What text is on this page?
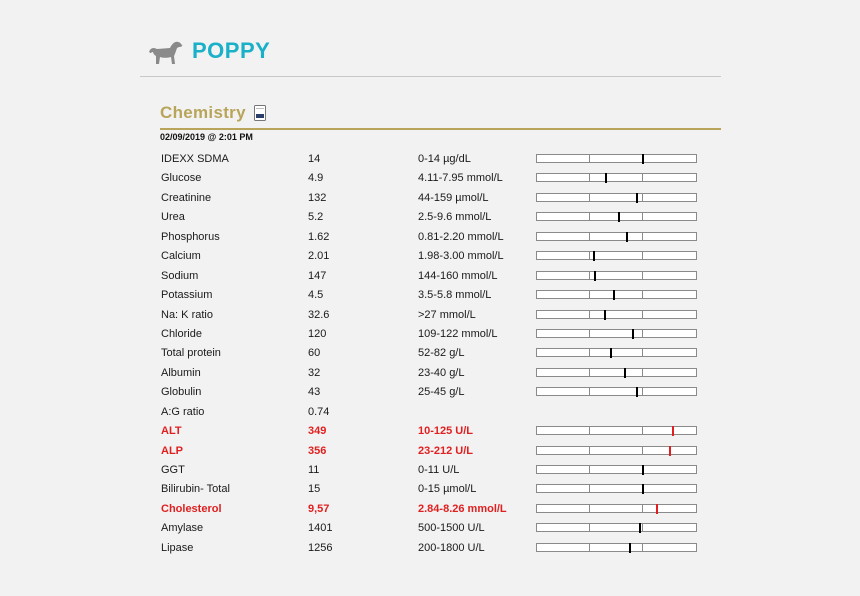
POPPY
Chemistry
02/09/2019 @ 2:01 PM
IDEXX SDMA	14	0-14 µg/dL
Glucose	4.9	4.11-7.95 mmol/L
Creatinine	132	44-159 µmol/L
Urea	5.2	2.5-9.6 mmol/L
Phosphorus	1.62	0.81-2.20 mmol/L
Calcium	2.01	1.98-3.00 mmol/L
Sodium	147	144-160 mmol/L
Potassium	4.5	3.5-5.8 mmol/L
Na: K ratio	32.6	>27 mmol/L
Chloride	120	109-122 mmol/L
Total protein	60	52-82 g/L
Albumin	32	23-40 g/L
Globulin	43	25-45 g/L
A:G ratio	0.74
ALT	349	10-125 U/L
ALP	356	23-212 U/L
GGT	11	0-11 U/L
Bilirubin- Total	15	0-15 µmol/L
Cholesterol	9,57	2.84-8.26 mmol/L
Amylase	1401	500-1500 U/L
Lipase	1256	200-1800 U/L
